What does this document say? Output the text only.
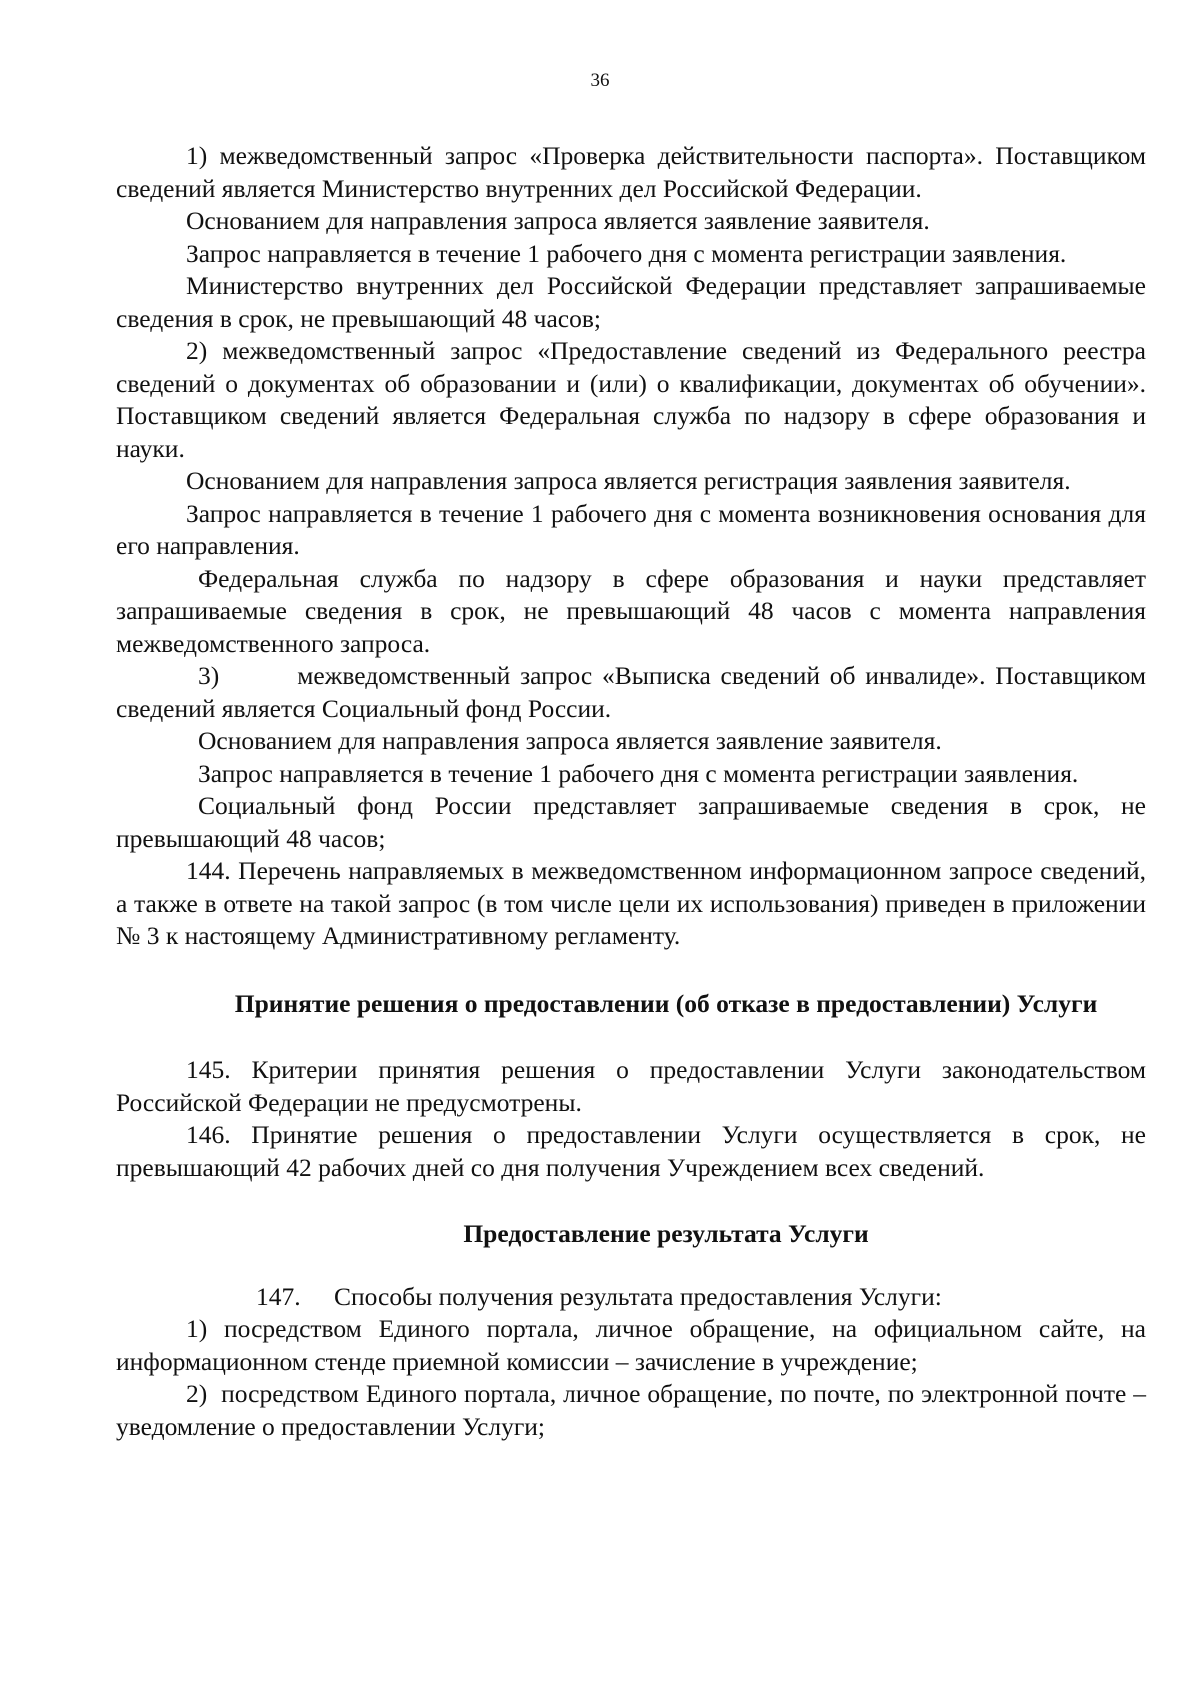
36

1) межведомственный запрос «Проверка действительности паспорта». Поставщиком сведений является Министерство внутренних дел Российской Федерации.

Основанием для направления запроса является заявление заявителя.

Запрос направляется в течение 1 рабочего дня с момента регистрации заявления.

Министерство внутренних дел Российской Федерации представляет запрашиваемые сведения в срок, не превышающий 48 часов;

2) межведомственный запрос «Предоставление сведений из Федерального реестра сведений о документах об образовании и (или) о квалификации, документах об обучении». Поставщиком сведений является Федеральная служба по надзору в сфере образования и науки.

Основанием для направления запроса является регистрация заявления заявителя.

Запрос направляется в течение 1 рабочего дня с момента возникновения основания для его направления.

Федеральная служба по надзору в сфере образования и науки представляет запрашиваемые сведения в срок, не превышающий 48 часов с момента направления межведомственного запроса.

3)        межведомственный запрос «Выписка сведений об инвалиде». Поставщиком сведений является Социальный фонд России.

Основанием для направления запроса является заявление заявителя.

Запрос направляется в течение 1 рабочего дня с момента регистрации заявления.

Социальный фонд России представляет запрашиваемые сведения в срок, не превышающий 48 часов;

144. Перечень направляемых в межведомственном информационном запросе сведений, а также в ответе на такой запрос (в том числе цели их использования) приведен в приложении № 3 к настоящему Административному регламенту.

Принятие решения о предоставлении (об отказе в предоставлении) Услуги

145. Критерии принятия решения о предоставлении Услуги законодательством Российской Федерации не предусмотрены.

146. Принятие решения о предоставлении Услуги осуществляется в срок, не превышающий 42 рабочих дней со дня получения Учреждением всех сведений.

Предоставление результата Услуги

147. Способы получения результата предоставления Услуги:

1) посредством Единого портала, личное обращение, на официальном сайте, на информационном стенде приемной комиссии – зачисление в учреждение;

2)  посредством Единого портала, личное обращение, по почте, по электронной почте – уведомление о предоставлении Услуги;
